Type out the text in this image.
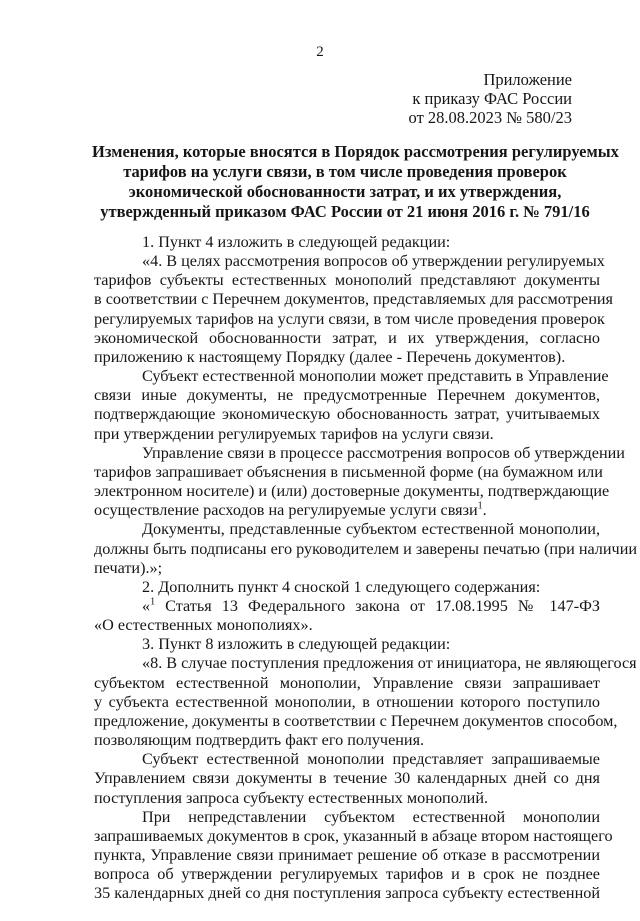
2
Приложение
к приказу ФАС России
от 28.08.2023 № 580/23
Изменения, которые вносятся в Порядок рассмотрения регулируемых
тарифов на услуги связи, в том числе проведения проверок
экономической обоснованности затрат, и их утверждения,
утвержденный приказом ФАС России от 21 июня 2016 г. № 791/16
1. Пункт 4 изложить в следующей редакции:
«4. В целях рассмотрения вопросов об утверждении регулируемых
тарифов субъекты естественных монополий представляют документы
в соответствии с Перечнем документов, представляемых для рассмотрения
регулируемых тарифов на услуги связи, в том числе проведения проверок
экономической обоснованности затрат, и их утверждения, согласно
приложению к настоящему Порядку (далее - Перечень документов).
Субъект естественной монополии может представить в Управление
связи иные документы, не предусмотренные Перечнем документов,
подтверждающие экономическую обоснованность затрат, учитываемых
при утверждении регулируемых тарифов на услуги связи.
Управление связи в процессе рассмотрения вопросов об утверждении
тарифов запрашивает объяснения в письменной форме (на бумажном или
электронном носителе) и (или) достоверные документы, подтверждающие
осуществление расходов на регулируемые услуги связи$^1$.
Документы, представленные субъектом естественной монополии,
должны быть подписаны его руководителем и заверены печатью (при наличии
печати).»;
2. Дополнить пункт 4 сноской 1 следующего содержания:
«$^1$ Статья 13 Федерального закона от 17.08.1995 № 147-ФЗ
«О естественных монополиях».
3. Пункт 8 изложить в следующей редакции:
«8. В случае поступления предложения от инициатора, не являющегося
субъектом естественной монополии, Управление связи запрашивает
у субъекта естественной монополии, в отношении которого поступило
предложение, документы в соответствии с Перечнем документов способом,
позволяющим подтвердить факт его получения.
Субъект естественной монополии представляет запрашиваемые
Управлением связи документы в течение 30 календарных дней со дня
поступления запроса субъекту естественных монополий.
При непредставлении субъектом естественной монополии
запрашиваемых документов в срок, указанный в абзаце втором настоящего
пункта, Управление связи принимает решение об отказе в рассмотрении
вопроса об утверждении регулируемых тарифов и в срок не позднее
35 календарных дней со дня поступления запроса субъекту естественной
